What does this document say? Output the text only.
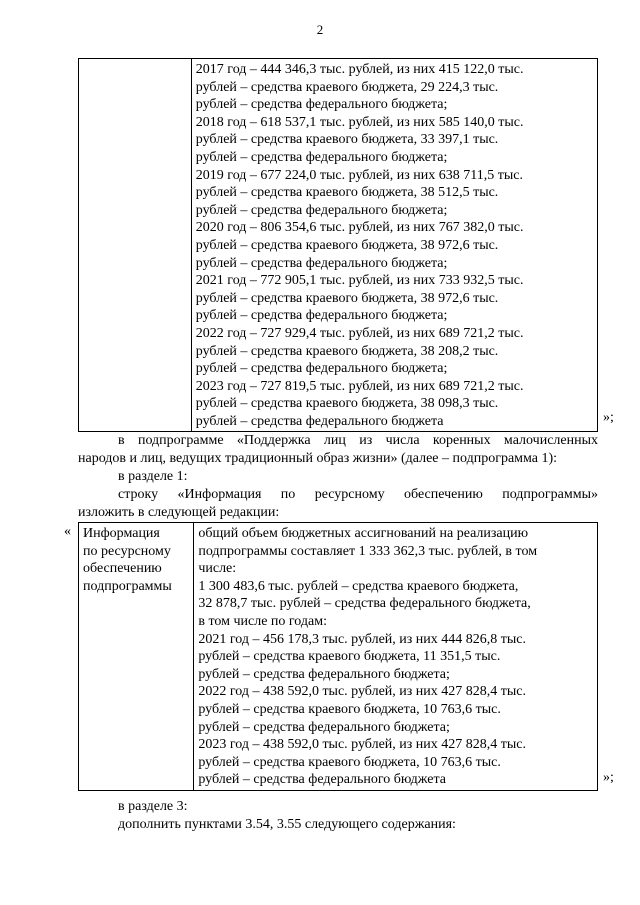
2

2017 год – 444 346,3 тыс. рублей, из них 415 122,0 тыс.
рублей – средства краевого бюджета, 29 224,3 тыс.
рублей – средства федерального бюджета;
2018 год – 618 537,1 тыс. рублей, из них 585 140,0 тыс.
рублей – средства краевого бюджета, 33 397,1 тыс.
рублей – средства федерального бюджета;
2019 год – 677 224,0 тыс. рублей, из них 638 711,5 тыс.
рублей – средства краевого бюджета, 38 512,5 тыс.
рублей – средства федерального бюджета;
2020 год – 806 354,6 тыс. рублей, из них 767 382,0 тыс.
рублей – средства краевого бюджета, 38 972,6 тыс.
рублей – средства федерального бюджета;
2021 год – 772 905,1 тыс. рублей, из них 733 932,5 тыс.
рублей – средства краевого бюджета, 38 972,6 тыс.
рублей – средства федерального бюджета;
2022 год – 727 929,4 тыс. рублей, из них 689 721,2 тыс.
рублей – средства краевого бюджета, 38 208,2 тыс.
рублей – средства федерального бюджета;
2023 год – 727 819,5 тыс. рублей, из них 689 721,2 тыс.
рублей – средства краевого бюджета, 38 098,3 тыс.
рублей – средства федерального бюджета	»;
в подпрограмме «Поддержка лиц из числа коренных малочисленных
народов и лиц, ведущих традиционный образ жизни» (далее – подпрограмма 1):
в разделе 1:
строку «Информация по ресурсному обеспечению подпрограммы»
изложить в следующей редакции:
« Информация
по ресурсному
обеспечению
подпрограммы

общий объем бюджетных ассигнований на реализацию
подпрограммы составляет 1 333 362,3 тыс. рублей, в том
числе:
1 300 483,6 тыс. рублей – средства краевого бюджета,
32 878,7 тыс. рублей – средства федерального бюджета,
в том числе по годам:
2021 год – 456 178,3 тыс. рублей, из них 444 826,8 тыс.
рублей – средства краевого бюджета, 11 351,5 тыс.
рублей – средства федерального бюджета;
2022 год – 438 592,0 тыс. рублей, из них 427 828,4 тыс.
рублей – средства краевого бюджета, 10 763,6 тыс.
рублей – средства федерального бюджета;
2023 год – 438 592,0 тыс. рублей, из них 427 828,4 тыс.
рублей – средства краевого бюджета, 10 763,6 тыс.
рублей – средства федерального бюджета	»;
в разделе 3:
дополнить пунктами 3.54, 3.55 следующего содержания:
